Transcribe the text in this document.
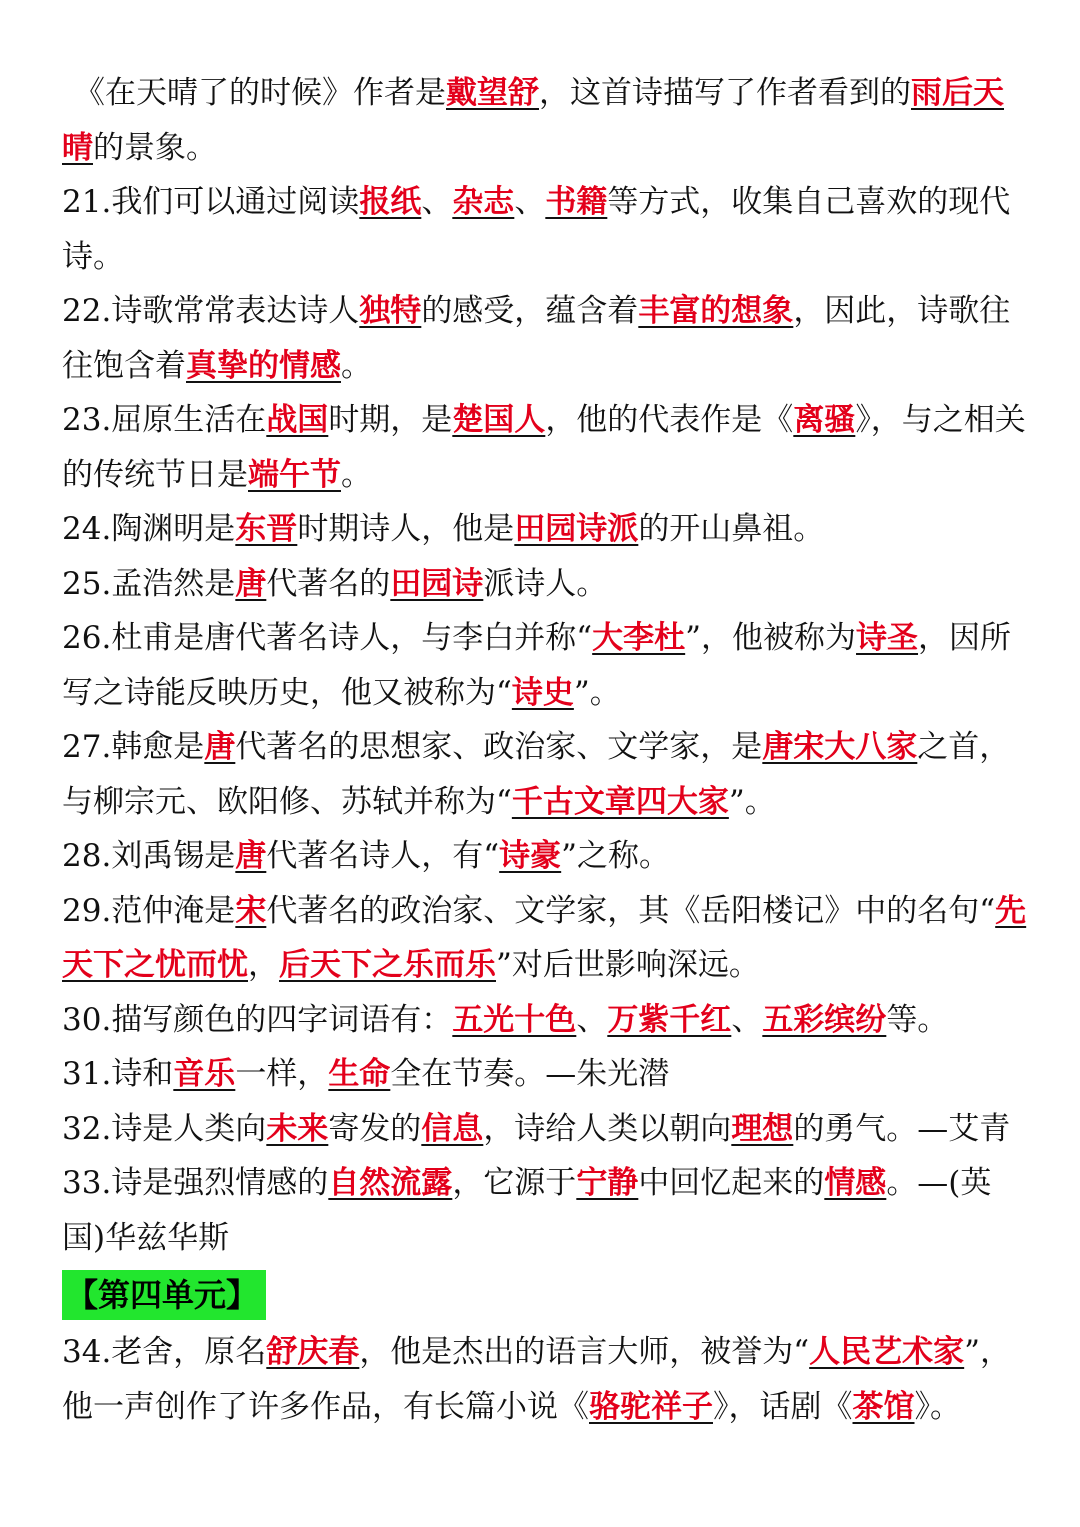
《在天晴了的时候》作者是戴望舒，这首诗描写了作者看到的雨后天晴的景象。

21.我们可以通过阅读报纸、杂志、书籍等方式，收集自己喜欢的现代诗。

22.诗歌常常表达诗人独特的感受，蕴含着丰富的想象，因此，诗歌往往饱含着真挚的情感。

23.屈原生活在战国时期，是楚国人，他的代表作是《离骚》，与之相关的传统节日是端午节。

24.陶渊明是东晋时期诗人，他是田园诗派的开山鼻祖。

25.孟浩然是唐代著名的田园诗派诗人。

26.杜甫是唐代著名诗人，与李白并称“大李杜”，他被称为诗圣，因所写之诗能反映历史，他又被称为“诗史”。

27.韩愈是唐代著名的思想家、政治家、文学家，是唐宋大八家之首，与柳宗元、欧阳修、苏轼并称为“千古文章四大家”。

28.刘禹锡是唐代著名诗人，有“诗豪”之称。

29.范仲淹是宋代著名的政治家、文学家，其《岳阳楼记》中的名句“先天下之忧而忧，后天下之乐而乐”对后世影响深远。

30.描写颜色的四字词语有：五光十色、万紫千红、五彩缤纷等。

31.诗和音乐一样，生命全在节奏。—朱光潜

32.诗是人类向未来寄发的信息，诗给人类以朝向理想的勇气。—艾青

33.诗是强烈情感的自然流露，它源于宁静中回忆起来的情感。—(英国)华兹华斯

【第四单元】

34.老舍，原名舒庆春，他是杰出的语言大师，被誉为“人民艺术家”，他一声创作了许多作品，有长篇小说《骆驼祥子》，话剧《茶馆》。
